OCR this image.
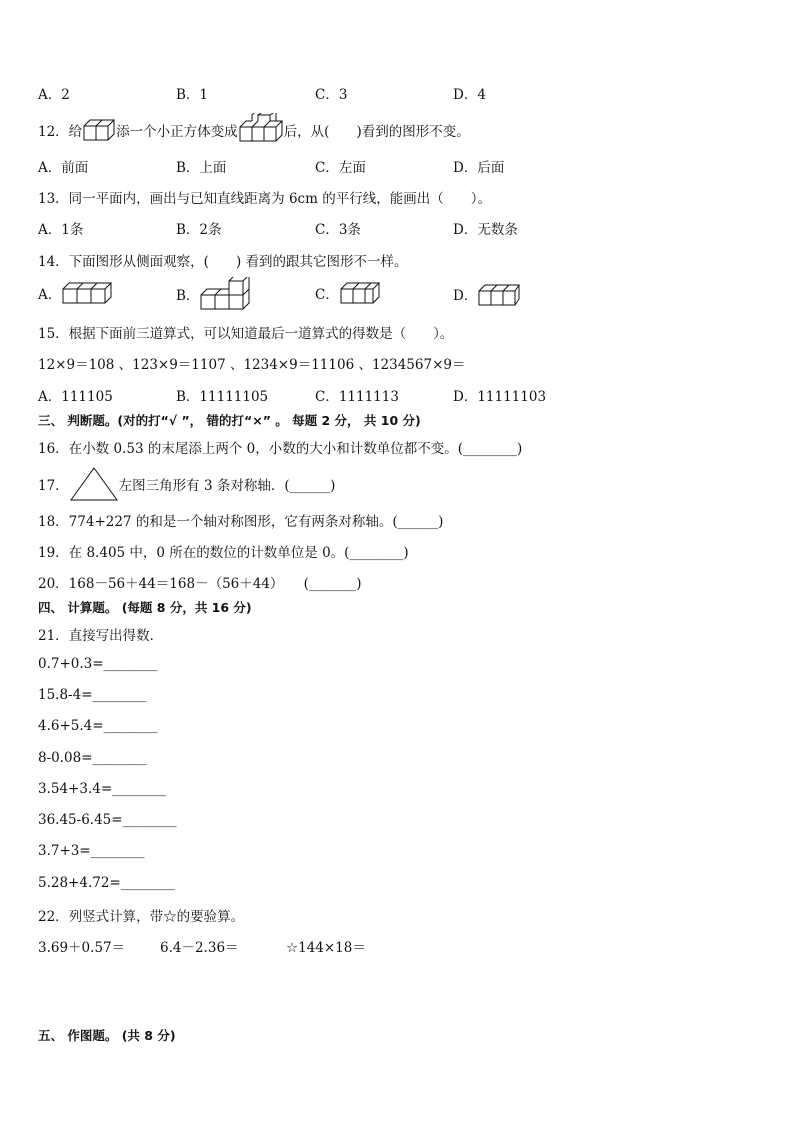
A．2	B．1	C．3	D．4
12．给	添一个小正方体变成	后，从(　　)看到的图形不变。
A．前面	B．上面	C．左面	D．后面
13．同一平面内，画出与已知直线距离为 6cm 的平行线，能画出（　　）。
A．1条	B．2条	C．3条	D．无数条
14．下面图形从侧面观察，(　　) 看到的跟其它图形不一样。
A．	B．	C．	D．
15．根据下面前三道算式，可以知道最后一道算式的得数是（　　）。
12×9＝108 、123×9＝1107 、1234×9＝11106 、1234567×9＝
A．111105	B．11111105	C．1111113	D．11111103
三、 判断题。(对的打“√ ”， 错的打“×” 。 每题 2 分， 共 10 分)
16．在小数 0.53 的末尾添上两个 0，小数的大小和计数单位都不变。(________)
17．	左图三角形有 3 条对称轴．(______)
18．774+227 的和是一个轴对称图形，它有两条对称轴。(______)
19．在 8.405 中，0 所在的数位的计数单位是 0。(________)
20．168－56＋44＝168－（56＋44）　　(_______)
四、 计算题。 (每题 8 分，共 16 分)
21．直接写出得数．
0.7+0.3=________
15.8-4=________
4.6+5.4=________
8-0.08=________
3.54+3.4=________
36.45-6.45=________
3.7+3=________
5.28+4.72=________
22．列竖式计算，带☆的要验算。
3.69＋0.57＝	6.4－2.36＝	☆144×18＝
五、 作图题。 (共 8 分)
